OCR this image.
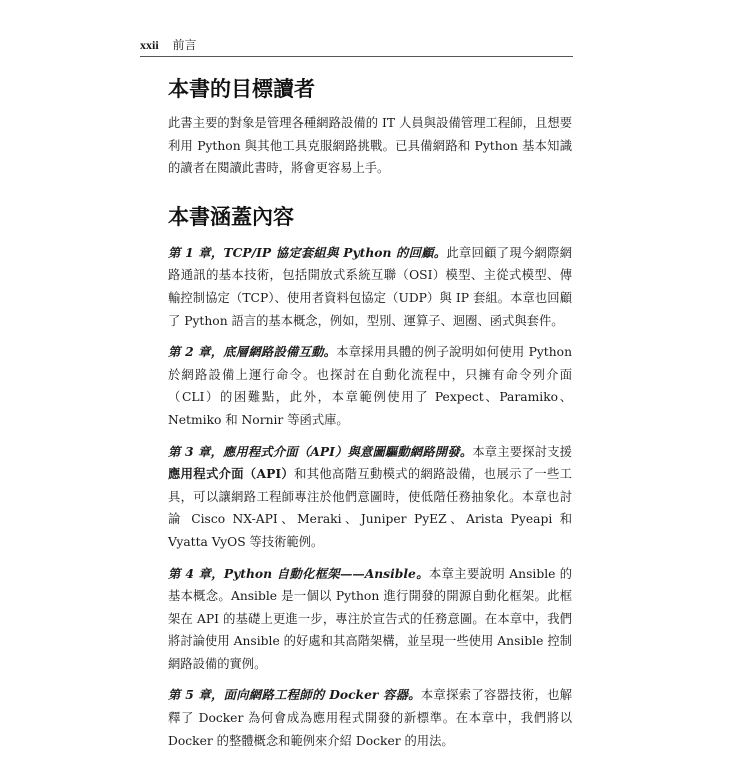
xxii 前言
本書的目標讀者

此書主要的對象是管理各種網路設備的 IT 人員與設備管理工程師，且想要利用 Python 與其他工具克服網路挑戰。已具備網路和 Python 基本知識的讀者在閱讀此書時，將會更容易上手。

本書涵蓋內容

第 1 章，TCP/IP 協定套組與 Python 的回顧。此章回顧了現今網際網路通訊的基本技術，包括開放式系統互聯（OSI）模型、主從式模型、傳輸控制協定（TCP）、使用者資料包協定（UDP）與 IP 套組。本章也回顧了 Python 語言的基本概念，例如，型別、運算子、迴圈、函式與套件。

第 2 章，底層網路設備互動。本章採用具體的例子說明如何使用 Python 於網路設備上運行命令。也探討在自動化流程中，只擁有命令列介面（CLI）的困難點，此外，本章範例使用了 Pexpect、Paramiko、Netmiko 和 Nornir 等函式庫。

第 3 章，應用程式介面（API）與意圖驅動網路開發。本章主要探討支援應用程式介面（API）和其他高階互動模式的網路設備，也展示了一些工具，可以讓網路工程師專注於他們意圖時，使低階任務抽象化。本章也討論 Cisco NX-API、Meraki、Juniper PyEZ、Arista Pyeapi 和 Vyatta VyOS 等技術範例。

第 4 章，Python 自動化框架——Ansible。本章主要說明 Ansible 的基本概念。Ansible 是一個以 Python 進行開發的開源自動化框架。此框架在 API 的基礎上更進一步，專注於宣告式的任務意圖。在本章中，我們將討論使用 Ansible 的好處和其高階架構，並呈現一些使用 Ansible 控制網路設備的實例。

第 5 章，面向網路工程師的 Docker 容器。本章探索了容器技術，也解釋了 Docker 為何會成為應用程式開發的新標準。在本章中，我們將以 Docker 的整體概念和範例來介紹 Docker 的用法。
